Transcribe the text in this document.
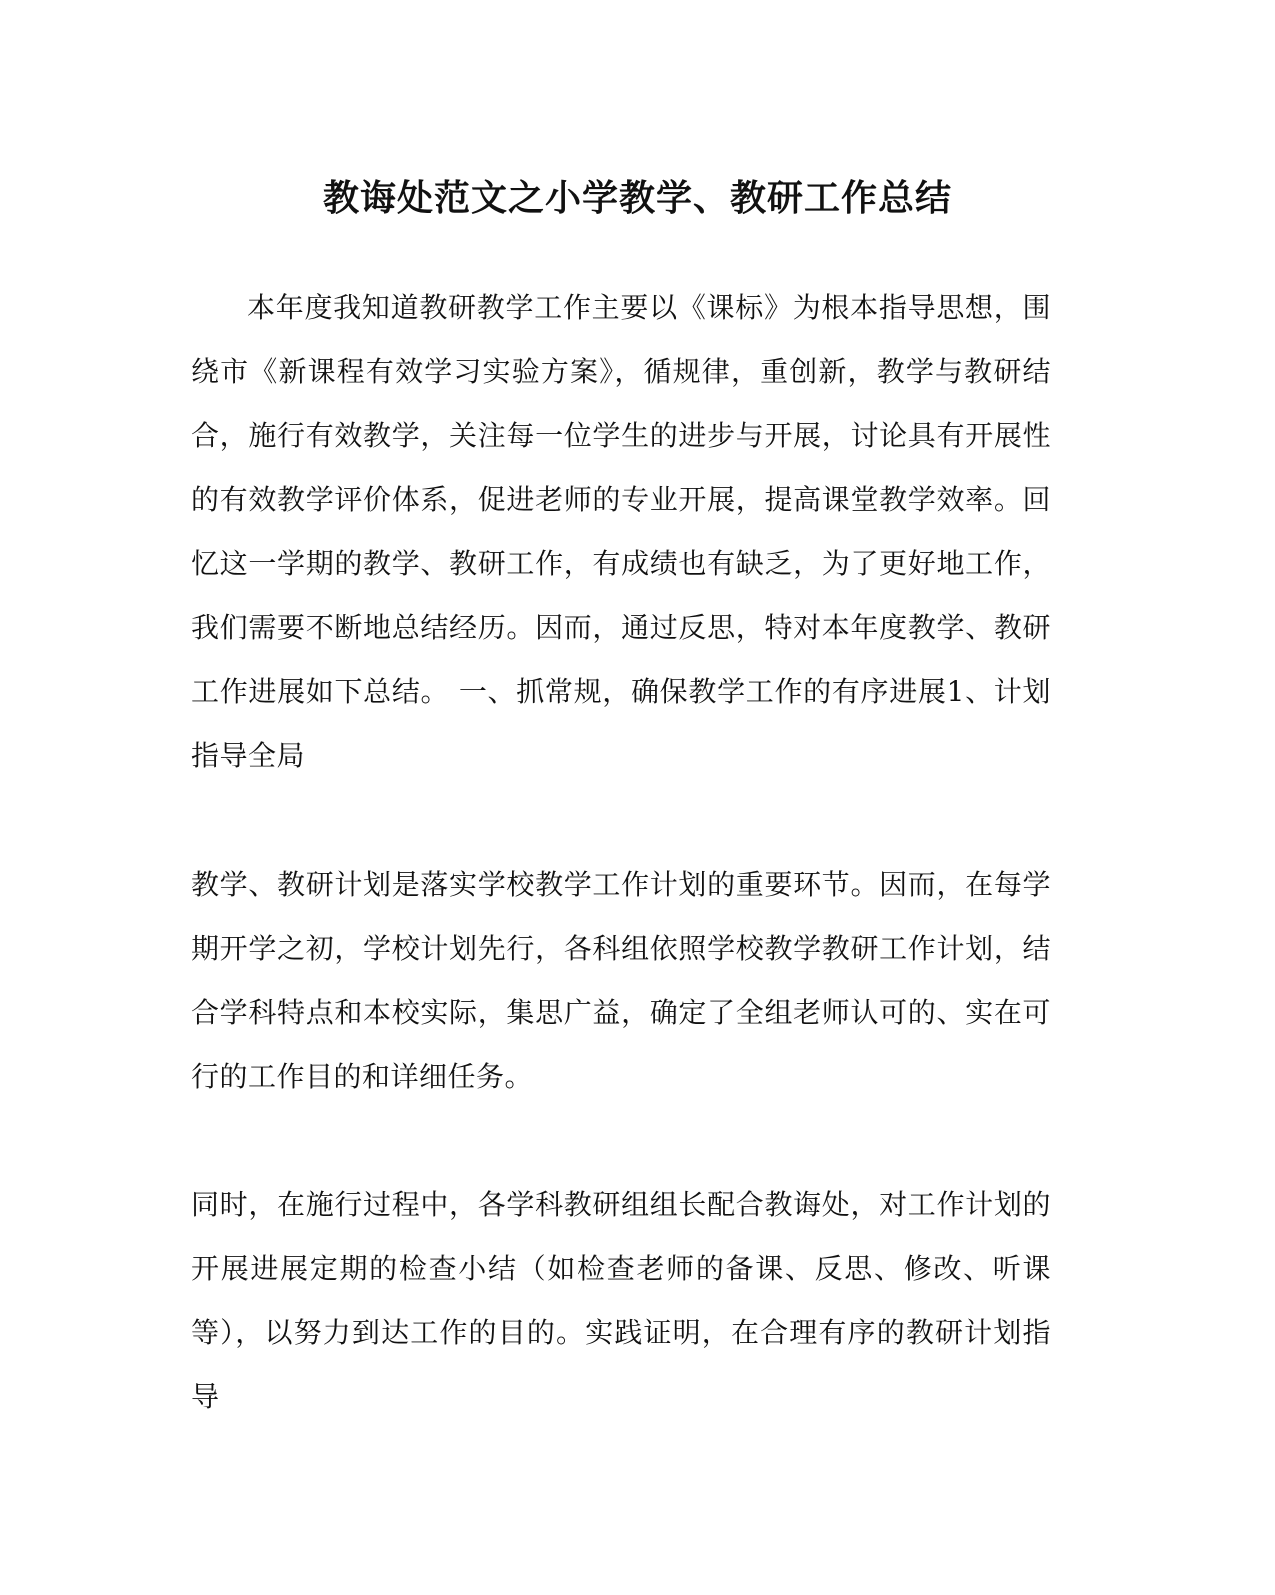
教诲处范文之小学教学、教研工作总结

本年度我知道教研教学工作主要以《课标》为根本指导思想，围绕市《新课程有效学习实验方案》，循规律，重创新，教学与教研结合，施行有效教学，关注每一位学生的进步与开展，讨论具有开展性的有效教学评价体系，促进老师的专业开展，提高课堂教学效率。回忆这一学期的教学、教研工作，有成绩也有缺乏，为了更好地工作，我们需要不断地总结经历。因而，通过反思，特对本年度教学、教研工作进展如下总结。 一、抓常规，确保教学工作的有序进展1、计划指导全局

教学、教研计划是落实学校教学工作计划的重要环节。因而，在每学期开学之初，学校计划先行，各科组依照学校教学教研工作计划，结合学科特点和本校实际，集思广益，确定了全组老师认可的、实在可行的工作目的和详细任务。

同时，在施行过程中，各学科教研组组长配合教诲处，对工作计划的开展进展定期的检查小结（如检查老师的备课、反思、修改、听课等），以努力到达工作的目的。实践证明，在合理有序的教研计划指导
